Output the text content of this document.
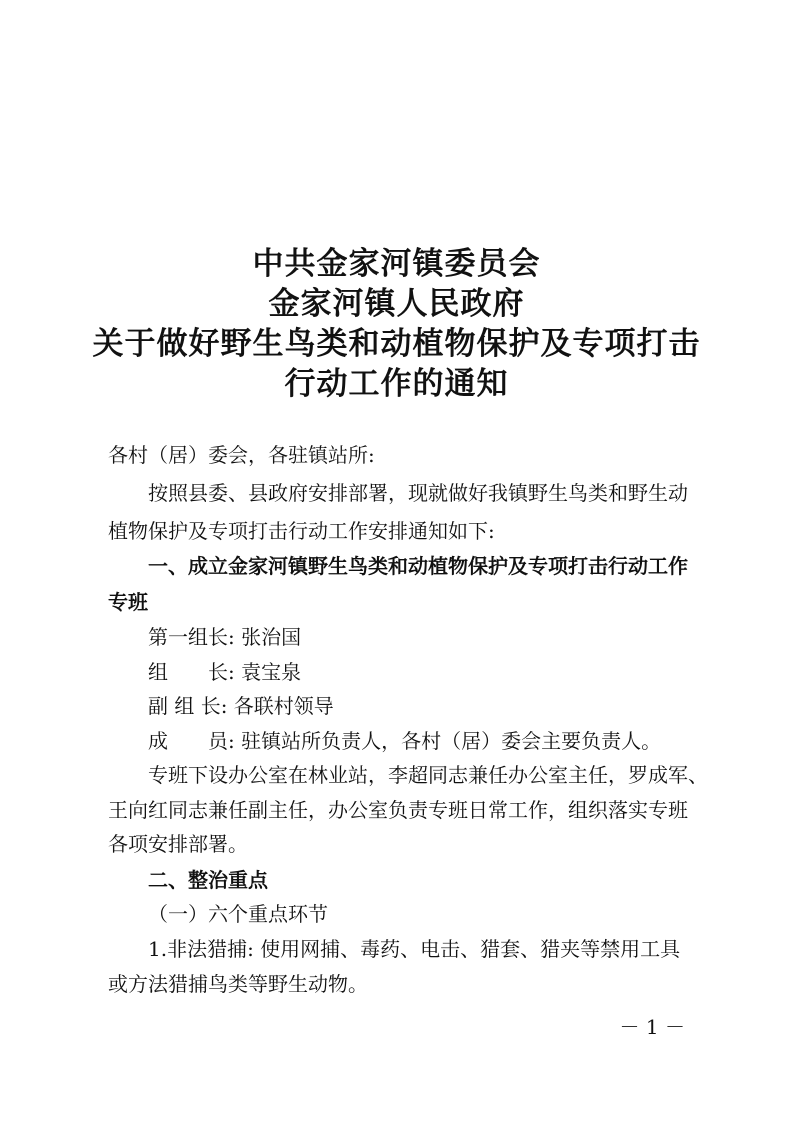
中共金家河镇委员会
金家河镇人民政府
关于做好野生鸟类和动植物保护及专项打击
行动工作的通知
各村（居）委会，各驻镇站所:
按照县委、县政府安排部署，现就做好我镇野生鸟类和野生动
植物保护及专项打击行动工作安排通知如下:
一、成立金家河镇野生鸟类和动植物保护及专项打击行动工作
专班
第一组长: 张治国
组　　长: 袁宝泉
副 组 长: 各联村领导
成　　员: 驻镇站所负责人，各村（居）委会主要负责人。
专班下设办公室在林业站，李超同志兼任办公室主任，罗成军、
王向红同志兼任副主任，办公室负责专班日常工作，组织落实专班
各项安排部署。
二、整治重点
（一）六个重点环节
1.非法猎捕: 使用网捕、毒药、电击、猎套、猎夹等禁用工具
或方法猎捕鸟类等野生动物。
－ 1 －
